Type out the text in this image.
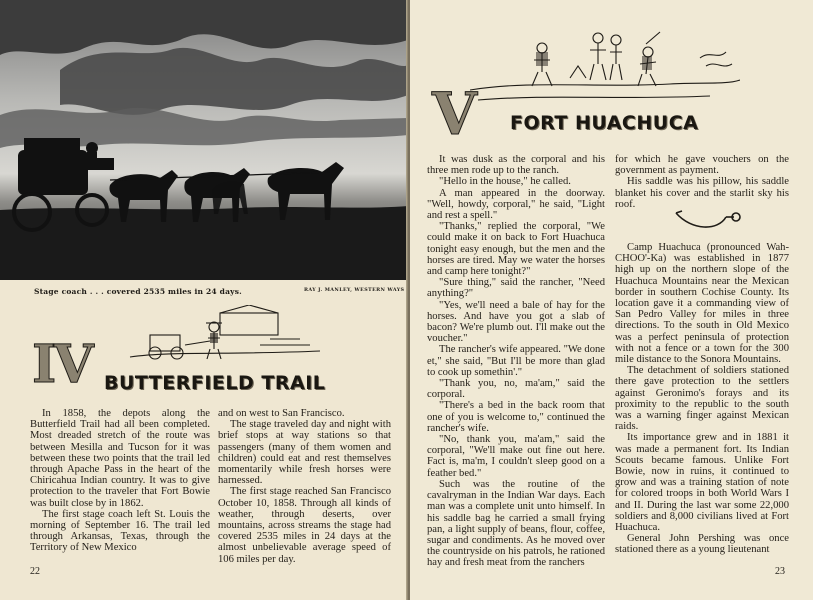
Stage coach . . . covered 2535 miles in 24 days.	RAY J. MANLEY, WESTERN WAYS
IV BUTTERFIELD TRAIL

In 1858, the depots along the Butterfield Trail had all been completed. Most dreaded stretch of the route was between Mesilla and Tucson for it was between these two points that the trail led through Apache Pass in the heart of the Chiricahua Indian country. It was to give protection to the traveler that Fort Bowie was built close by in 1862.

The first stage coach left St. Louis the morning of September 16. The trail led through Arkansas, Texas, through the Territory of New Mexico

and on west to San Francisco.

The stage traveled day and night with brief stops at way stations so that passengers (many of them women and children) could eat and rest themselves momentarily while fresh horses were harnessed.

The first stage reached San Francisco October 10, 1858. Through all kinds of weather, through deserts, over mountains, across streams the stage had covered 2535 miles in 24 days at the almost unbelievable average speed of 106 miles per day.

22
V FORT HUACHUCA

It was dusk as the corporal and his three men rode up to the ranch.

"Hello in the house," he called.

A man appeared in the doorway. "Well, howdy, corporal," he said, "Light and rest a spell."

"Thanks," replied the corporal, "We could make it on back to Fort Huachuca tonight easy enough, but the men and the horses are tired. May we water the horses and camp here tonight?"

"Sure thing," said the rancher, "Need anything?"

"Yes, we'll need a bale of hay for the horses. And have you got a slab of bacon? We're plumb out. I'll make out the voucher."

The rancher's wife appeared. "We done et," she said, "But I'll be more than glad to cook up somethin'."

"Thank you, no, ma'am," said the corporal.

"There's a bed in the back room that one of you is welcome to," continued the rancher's wife.

"No, thank you, ma'am," said the corporal, "We'll make out fine out here. Fact is, ma'm, I couldn't sleep good on a feather bed."

Such was the routine of the cavalryman in the Indian War days. Each man was a complete unit unto himself. In his saddle bag he carried a small frying pan, a light supply of beans, flour, coffee, sugar and condiments. As he moved over the countryside on his patrols, he rationed hay and fresh meat from the ranchers

for which he gave vouchers on the government as payment.

His saddle was his pillow, his saddle blanket his cover and the starlit sky his roof.

Camp Huachuca (pronounced Wah-CHOO'-Ka) was established in 1877 high up on the northern slope of the Huachuca Mountains near the Mexican border in southern Cochise County. Its location gave it a commanding view of San Pedro Valley for miles in three directions. To the south in Old Mexico was a perfect peninsula of protection with not a fence or a town for the 300 mile distance to the Sonora Mountains.

The detachment of soldiers stationed there gave protection to the settlers against Geronimo's forays and its proximity to the republic to the south was a warning finger against Mexican raids.

Its importance grew and in 1881 it was made a permanent fort. Its Indian Scouts became famous. Unlike Fort Bowie, now in ruins, it continued to grow and was a training station of note for colored troops in both World Wars I and II. During the last war some 22,000 soldiers and 8,000 civilians lived at Fort Huachuca.

General John Pershing was once stationed there as a young lieutenant

23
